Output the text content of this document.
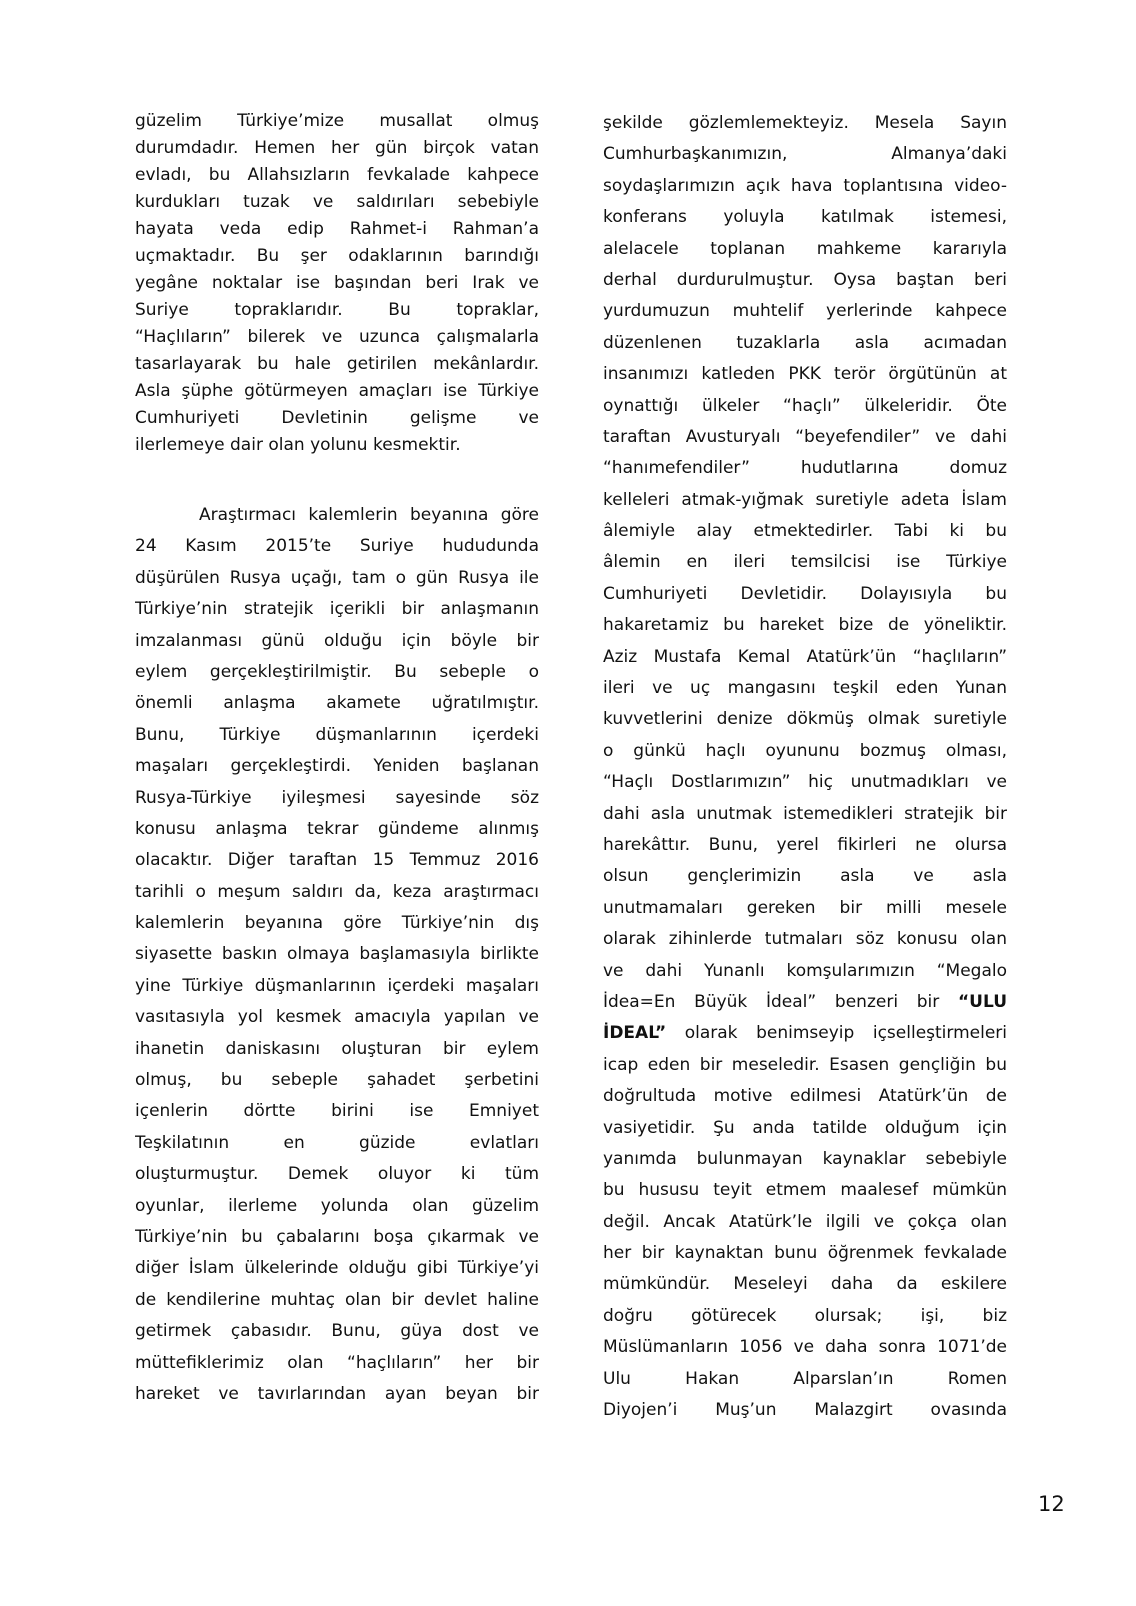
güzelim Türkiye’mize musallat olmuş
durumdadır. Hemen her gün birçok vatan
evladı, bu Allahsızların fevkalade kahpece
kurdukları tuzak ve saldırıları sebebiyle
hayata veda edip Rahmet-i Rahman’a
uçmaktadır. Bu şer odaklarının barındığı
yegâne noktalar ise başından beri Irak ve
Suriye topraklarıdır. Bu topraklar,
“Haçlıların” bilerek ve uzunca çalışmalarla
tasarlayarak bu hale getirilen mekânlardır.
Asla şüphe götürmeyen amaçları ise Türkiye
Cumhuriyeti Devletinin gelişme ve
ilerlemeye dair olan yolunu kesmektir.
Araştırmacı kalemlerin beyanına göre
24 Kasım 2015’te Suriye hududunda
düşürülen Rusya uçağı, tam o gün Rusya ile
Türkiye’nin stratejik içerikli bir anlaşmanın
imzalanması günü olduğu için böyle bir
eylem gerçekleştirilmiştir. Bu sebeple o
önemli anlaşma akamete uğratılmıştır.
Bunu, Türkiye düşmanlarının içerdeki
maşaları gerçekleştirdi. Yeniden başlanan
Rusya-Türkiye iyileşmesi sayesinde söz
konusu anlaşma tekrar gündeme alınmış
olacaktır. Diğer taraftan 15 Temmuz 2016
tarihli o meşum saldırı da, keza araştırmacı
kalemlerin beyanına göre Türkiye’nin dış
siyasette baskın olmaya başlamasıyla birlikte
yine Türkiye düşmanlarının içerdeki maşaları
vasıtasıyla yol kesmek amacıyla yapılan ve
ihanetin daniskasını oluşturan bir eylem
olmuş, bu sebeple şahadet şerbetini
içenlerin dörtte birini ise Emniyet
Teşkilatının en güzide evlatları
oluşturmuştur. Demek oluyor ki tüm
oyunlar, ilerleme yolunda olan güzelim
Türkiye’nin bu çabalarını boşa çıkarmak ve
diğer İslam ülkelerinde olduğu gibi Türkiye’yi
de kendilerine muhtaç olan bir devlet haline
getirmek çabasıdır. Bunu, güya dost ve
müttefiklerimiz olan “haçlıların” her bir
hareket ve tavırlarından ayan beyan bir
şekilde gözlemlemekteyiz. Mesela Sayın
Cumhurbaşkanımızın, Almanya’daki
soydaşlarımızın açık hava toplantısına video-
konferans yoluyla katılmak istemesi,
alelacele toplanan mahkeme kararıyla
derhal durdurulmuştur. Oysa baştan beri
yurdumuzun muhtelif yerlerinde kahpece
düzenlenen tuzaklarla asla acımadan
insanımızı katleden PKK terör örgütünün at
oynattığı ülkeler “haçlı” ülkeleridir. Öte
taraftan Avusturyalı “beyefendiler” ve dahi
“hanımefendiler” hudutlarına domuz
kelleleri atmak-yığmak suretiyle adeta İslam
âlemiyle alay etmektedirler. Tabi ki bu
âlemin en ileri temsilcisi ise Türkiye
Cumhuriyeti Devletidir. Dolayısıyla bu
hakaretamiz bu hareket bize de yöneliktir.
Aziz Mustafa Kemal Atatürk’ün “haçlıların”
ileri ve uç mangasını teşkil eden Yunan
kuvvetlerini denize dökmüş olmak suretiyle
o günkü haçlı oyununu bozmuş olması,
“Haçlı Dostlarımızın” hiç unutmadıkları ve
dahi asla unutmak istemedikleri stratejik bir
harekâttır. Bunu, yerel fikirleri ne olursa
olsun gençlerimizin asla ve asla
unutmamaları gereken bir milli mesele
olarak zihinlerde tutmaları söz konusu olan
ve dahi Yunanlı komşularımızın “Megalo
İdea=En Büyük İdeal” benzeri bir “ULU
İDEAL” olarak benimseyip içselleştirmeleri
icap eden bir meseledir. Esasen gençliğin bu
doğrultuda motive edilmesi Atatürk’ün de
vasiyetidir. Şu anda tatilde olduğum için
yanımda bulunmayan kaynaklar sebebiyle
bu hususu teyit etmem maalesef mümkün
değil. Ancak Atatürk’le ilgili ve çokça olan
her bir kaynaktan bunu öğrenmek fevkalade
mümkündür. Meseleyi daha da eskilere
doğru götürecek olursak; işi, biz
Müslümanların 1056 ve daha sonra 1071’de
Ulu Hakan Alparslan’ın Romen
Diyojen’i Muş’un Malazgirt ovasında
12
